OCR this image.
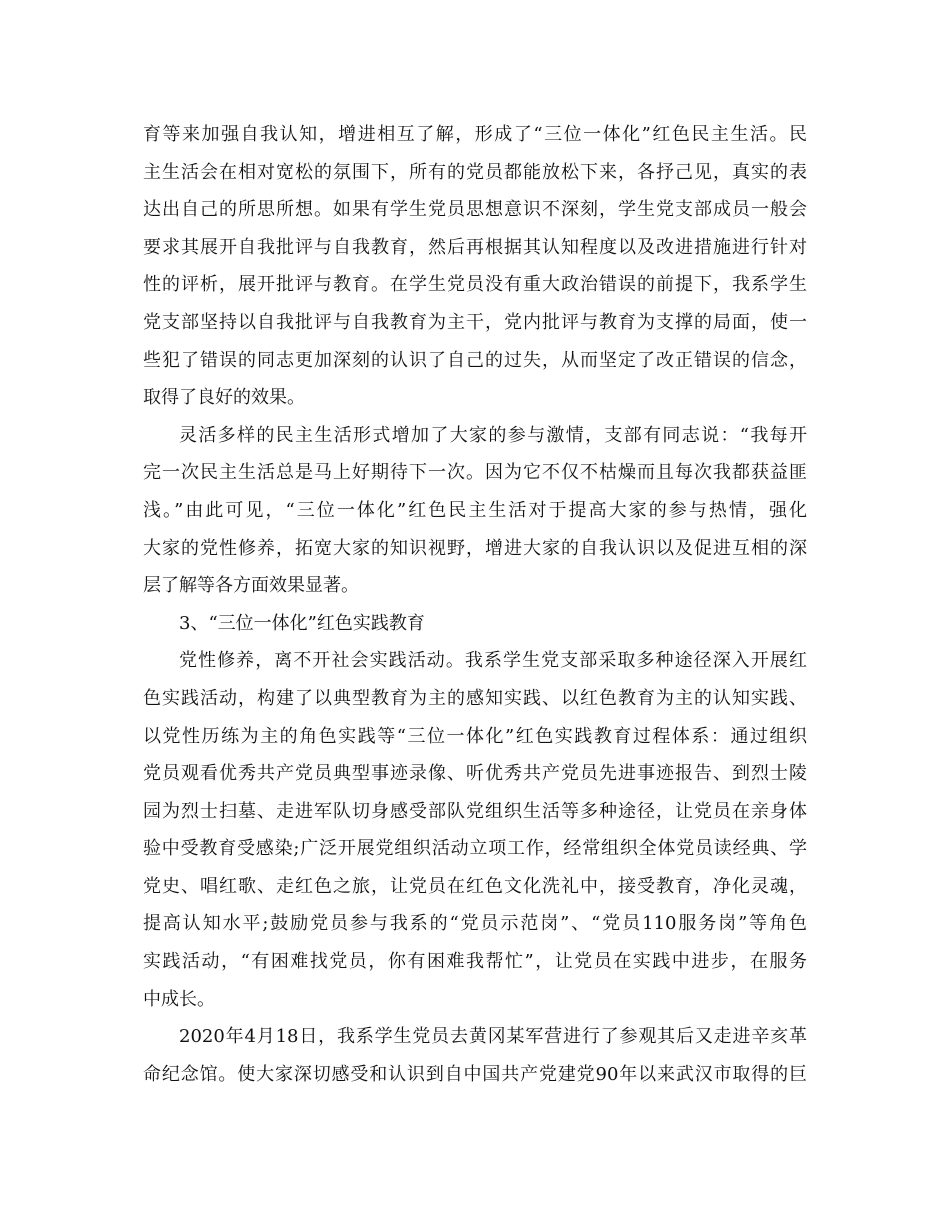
育等来加强自我认知，增进相互了解，形成了“三位一体化”红色民主生活。民
主生活会在相对宽松的氛围下，所有的党员都能放松下来，各抒己见，真实的表
达出自己的所思所想。如果有学生党员思想意识不深刻，学生党支部成员一般会
要求其展开自我批评与自我教育，然后再根据其认知程度以及改进措施进行针对
性的评析，展开批评与教育。在学生党员没有重大政治错误的前提下，我系学生
党支部坚持以自我批评与自我教育为主干，党内批评与教育为支撑的局面，使一
些犯了错误的同志更加深刻的认识了自己的过失，从而坚定了改正错误的信念，
取得了良好的效果。
灵活多样的民主生活形式增加了大家的参与激情，支部有同志说：“我每开
完一次民主生活总是马上好期待下一次。因为它不仅不枯燥而且每次我都获益匪
浅。”由此可见，“三位一体化”红色民主生活对于提高大家的参与热情，强化
大家的党性修养，拓宽大家的知识视野，增进大家的自我认识以及促进互相的深
层了解等各方面效果显著。
3、“三位一体化”红色实践教育
党性修养，离不开社会实践活动。我系学生党支部采取多种途径深入开展红
色实践活动，构建了以典型教育为主的感知实践、以红色教育为主的认知实践、
以党性历练为主的角色实践等“三位一体化”红色实践教育过程体系：通过组织
党员观看优秀共产党员典型事迹录像、听优秀共产党员先进事迹报告、到烈士陵
园为烈士扫墓、走进军队切身感受部队党组织生活等多种途径，让党员在亲身体
验中受教育受感染;广泛开展党组织活动立项工作，经常组织全体党员读经典、学
党史、唱红歌、走红色之旅，让党员在红色文化洗礼中，接受教育，净化灵魂，
提高认知水平;鼓励党员参与我系的“党员示范岗”、“党员110服务岗”等角色
实践活动，“有困难找党员，你有困难我帮忙”，让党员在实践中进步，在服务
中成长。
2020年4月18日，我系学生党员去黄冈某军营进行了参观其后又走进辛亥革
命纪念馆。使大家深切感受和认识到自中国共产党建党90年以来武汉市取得的巨
